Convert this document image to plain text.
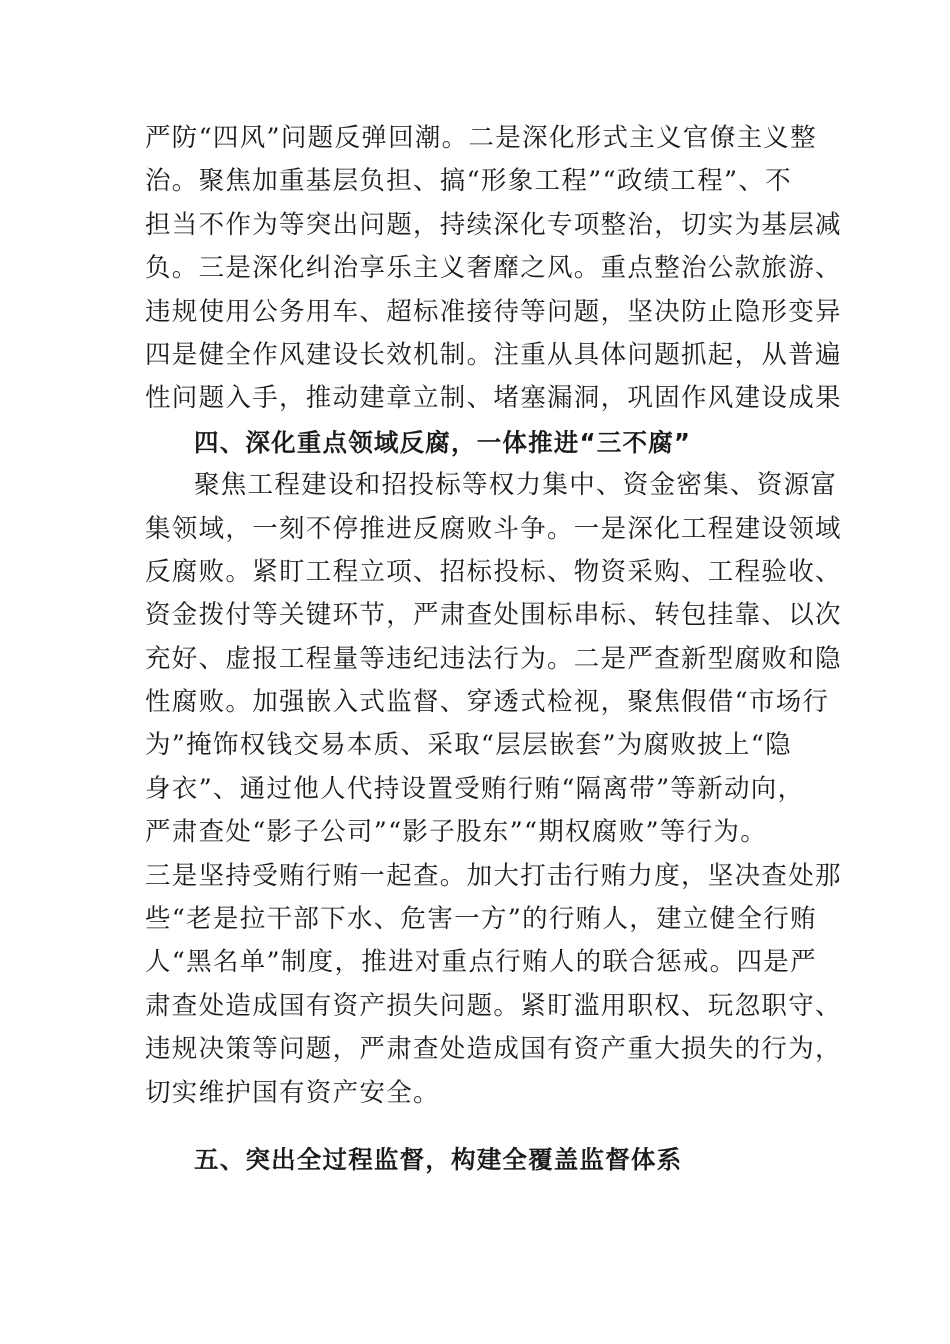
严防“四风”问题反弹回潮。二是深化形式主义官僚主义整
治。聚焦加重基层负担、搞“形象工程”“政绩工程”、不
担当不作为等突出问题，持续深化专项整治，切实为基层减
负。三是深化纠治享乐主义奢靡之风。重点整治公款旅游、
违规使用公务用车、超标准接待等问题，坚决防止隐形变异
四是健全作风建设长效机制。注重从具体问题抓起，从普遍
性问题入手，推动建章立制、堵塞漏洞，巩固作风建设成果
四、深化重点领域反腐，一体推进“三不腐”
聚焦工程建设和招投标等权力集中、资金密集、资源富
集领域，一刻不停推进反腐败斗争。一是深化工程建设领域
反腐败。紧盯工程立项、招标投标、物资采购、工程验收、
资金拨付等关键环节，严肃查处围标串标、转包挂靠、以次
充好、虚报工程量等违纪违法行为。二是严查新型腐败和隐
性腐败。加强嵌入式监督、穿透式检视，聚焦假借“市场行
为”掩饰权钱交易本质、采取“层层嵌套”为腐败披上“隐
身衣”、通过他人代持设置受贿行贿“隔离带”等新动向，
严肃查处“影子公司”“影子股东”“期权腐败”等行为。
三是坚持受贿行贿一起查。加大打击行贿力度，坚决查处那
些“老是拉干部下水、危害一方”的行贿人，建立健全行贿
人“黑名单”制度，推进对重点行贿人的联合惩戒。四是严
肃查处造成国有资产损失问题。紧盯滥用职权、玩忽职守、
违规决策等问题，严肃查处造成国有资产重大损失的行为，
切实维护国有资产安全。
五、突出全过程监督，构建全覆盖监督体系
